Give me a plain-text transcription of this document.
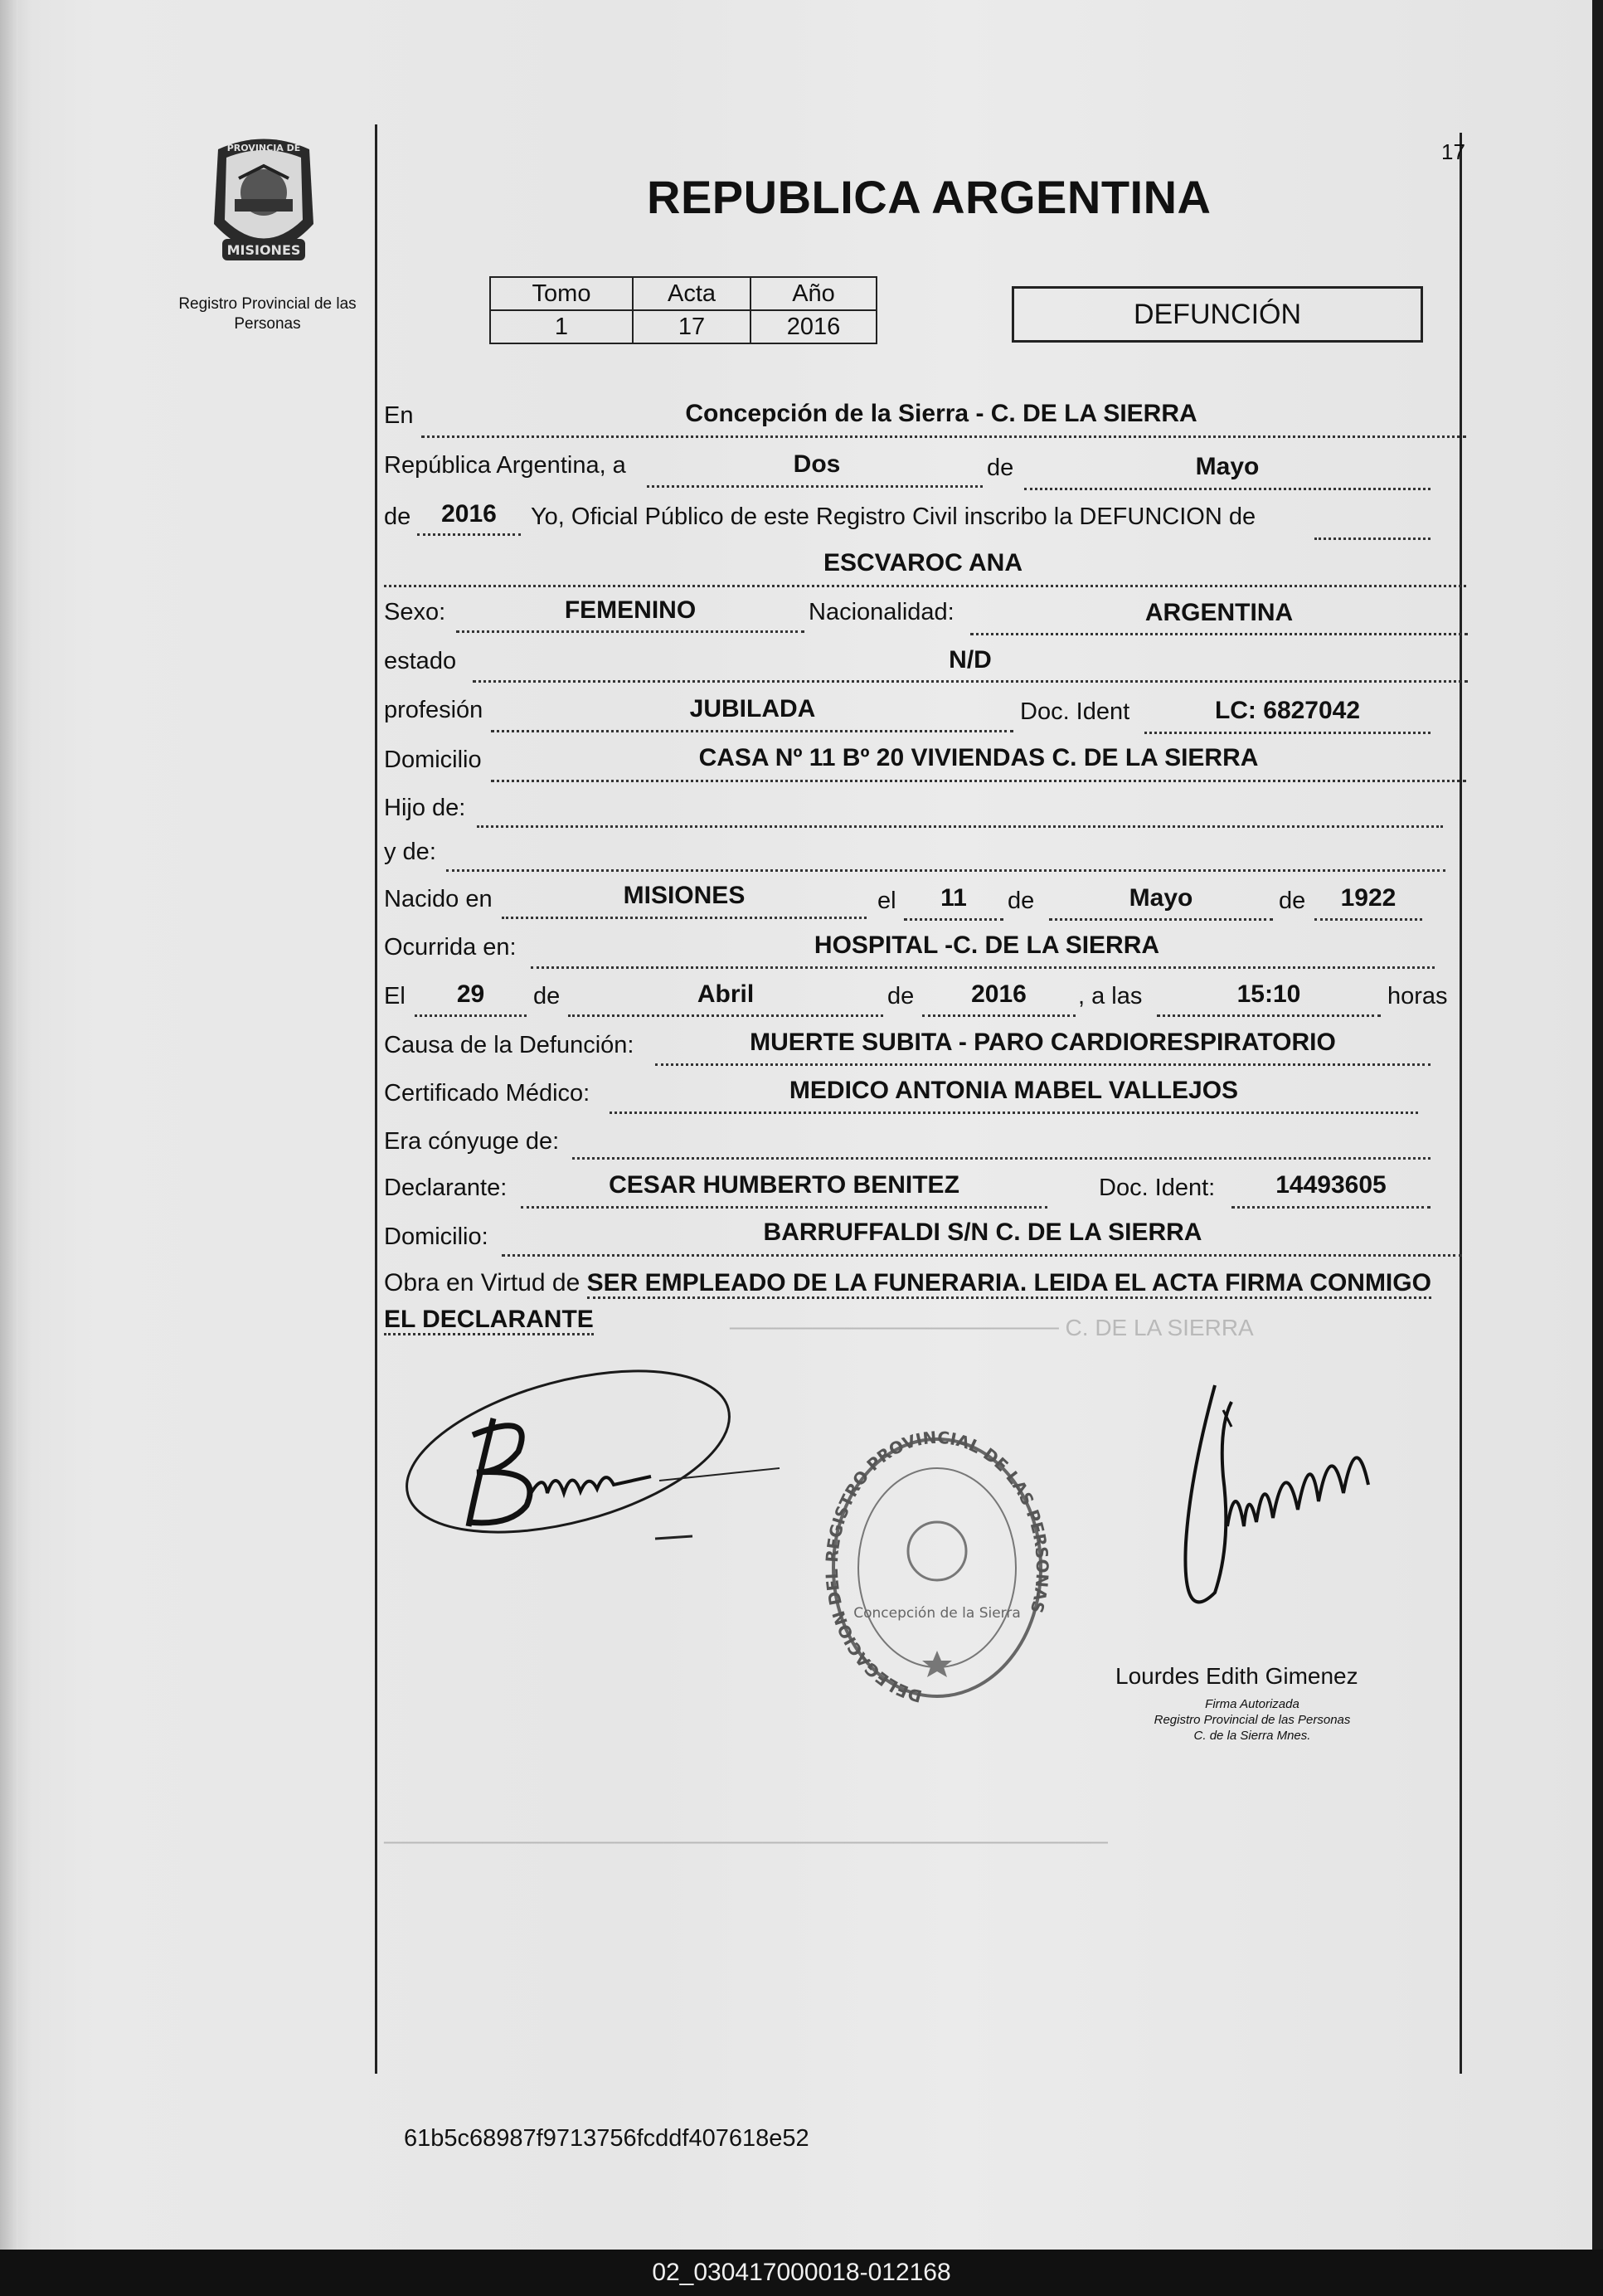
──────────────────── C. DE LA SIERRA
────────────────────────────────────────────
MISIONES
PROVINCIA DE
Registro Provincial de las Personas
17
REPUBLICA ARGENTINA
Tomo	Acta	Año
1	17	2016	DEFUNCIÓN
En	Concepción de la Sierra - C. DE LA SIERRA
República Argentina, a	Dos	de	Mayo
de	2016	Yo, Oficial Público de este Registro Civil inscribo la DEFUNCION de
ESCVAROC ANA
Sexo:	FEMENINO	Nacionalidad:	ARGENTINA
estado	N/D
profesión	JUBILADA	Doc. Ident	LC: 6827042
Domicilio	CASA Nº 11 Bº 20 VIVIENDAS C. DE LA SIERRA
Hijo de:
y de:
Nacido en	MISIONES	el	11	de	Mayo	de	1922
Ocurrida en:	HOSPITAL -C. DE LA SIERRA
El	29	de	Abril	de	2016	, a las	15:10	horas
Causa de la Defunción:	MUERTE SUBITA - PARO CARDIORESPIRATORIO
Certificado Médico:	MEDICO ANTONIA MABEL VALLEJOS
Era cónyuge de:
Declarante:	CESAR HUMBERTO BENITEZ	Doc. Ident:	14493605
Domicilio:	BARRUFFALDI S/N C. DE LA SIERRA
Obra en Virtud de SER EMPLEADO DE LA FUNERARIA. LEIDA EL ACTA FIRMA CONMIGO EL DECLARANTE
DELEGACION DEL REGISTRO PROVINCIAL DE LAS PERSONAS
Concepción de la Sierra
Lourdes Edith Gimenez
Firma Autorizada
Registro Provincial de las Personas
C. de la Sierra Mnes.
61b5c68987f9713756fcddf407618e52
02_030417000018-012168
